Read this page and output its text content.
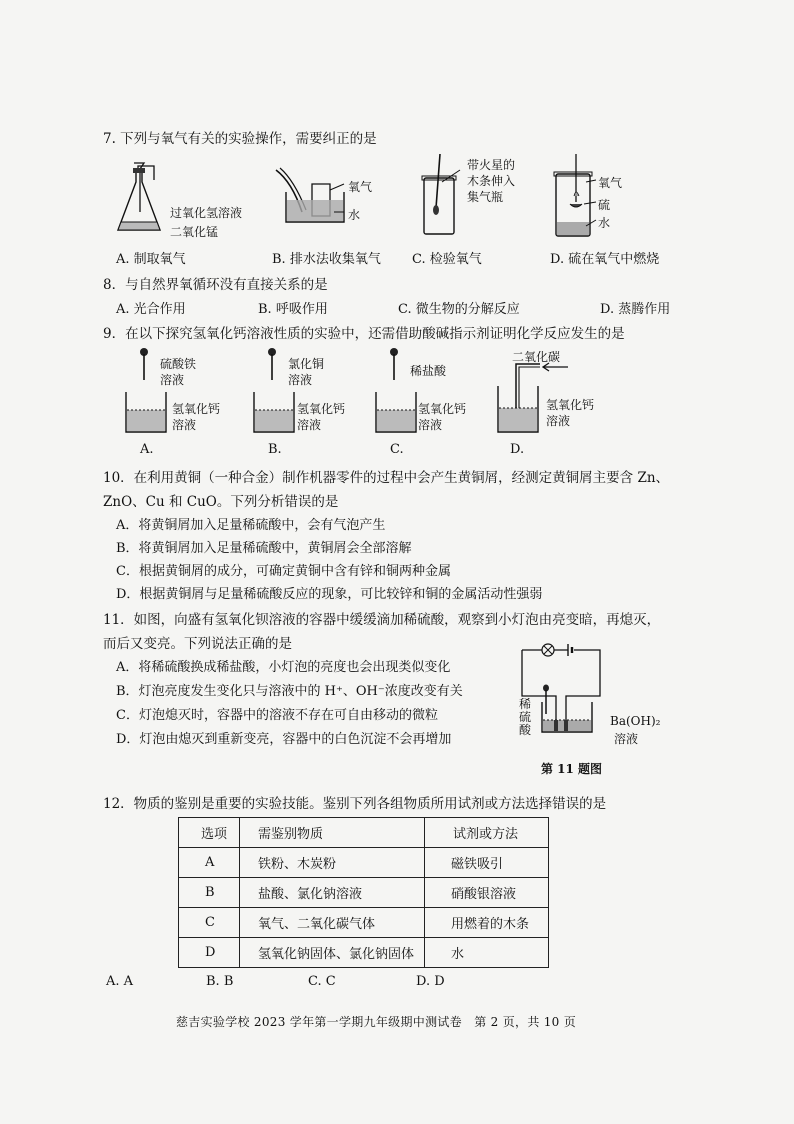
7. 下列与氧气有关的实验操作，需要纠正的是
过氧化氢溶液
二氧化锰
氧气
水
带火星的
木条伸入
集气瓶
氧气
硫
水
A. 制取氧气	B. 排水法收集氧气 C. 检验氧气	D. 硫在氧气中燃烧
8．与自然界氧循环没有直接关系的是
A. 光合作用	B. 呼吸作用	C. 微生物的分解反应	D. 蒸腾作用
9．在以下探究氢氧化钙溶液性质的实验中，还需借助酸碱指示剂证明化学反应发生的是
硫酸铁
溶液
氢氧化钙
溶液
A.
氯化铜
溶液
氢氧化钙
溶液
B.
稀盐酸
氢氧化钙
溶液
C.
二氧化碳
氢氧化钙
溶液
D.
10．在利用黄铜（一种合金）制作机器零件的过程中会产生黄铜屑，经测定黄铜屑主要含 Zn、
ZnO、Cu 和 CuO。下列分析错误的是
A．将黄铜屑加入足量稀硫酸中，会有气泡产生
B．将黄铜屑加入足量稀硫酸中，黄铜屑会全部溶解
C．根据黄铜屑的成分，可确定黄铜中含有锌和铜两种金属
D．根据黄铜屑与足量稀硫酸反应的现象，可比较锌和铜的金属活动性强弱
11．如图，向盛有氢氧化钡溶液的容器中缓缓滴加稀硫酸，观察到小灯泡由亮变暗，再熄灭，
而后又变亮。下列说法正确的是
A．将稀硫酸换成稀盐酸，小灯泡的亮度也会出现类似变化
B．灯泡亮度发生变化只与溶液中的 H⁺、OH⁻浓度改变有关
C．灯泡熄灭时，容器中的溶液不存在可自由移动的微粒
D．灯泡由熄灭到重新变亮，容器中的白色沉淀不会再增加
稀
硫
酸
Ba(OH)₂
溶液
第 11 题图
12．物质的鉴别是重要的实验技能。鉴别下列各组物质所用试剂或方法选择错误的是
选项	需鉴别物质	试剂或方法
A	铁粉、木炭粉	磁铁吸引
B	盐酸、氯化钠溶液	硝酸银溶液
C	氧气、二氧化碳气体	用燃着的木条
D	氢氧化钠固体、氯化钠固体	水
A. A	B. B	C. C	D. D
慈吉实验学校 2023 学年第一学期九年级期中测试卷　第 2 页，共 10 页
